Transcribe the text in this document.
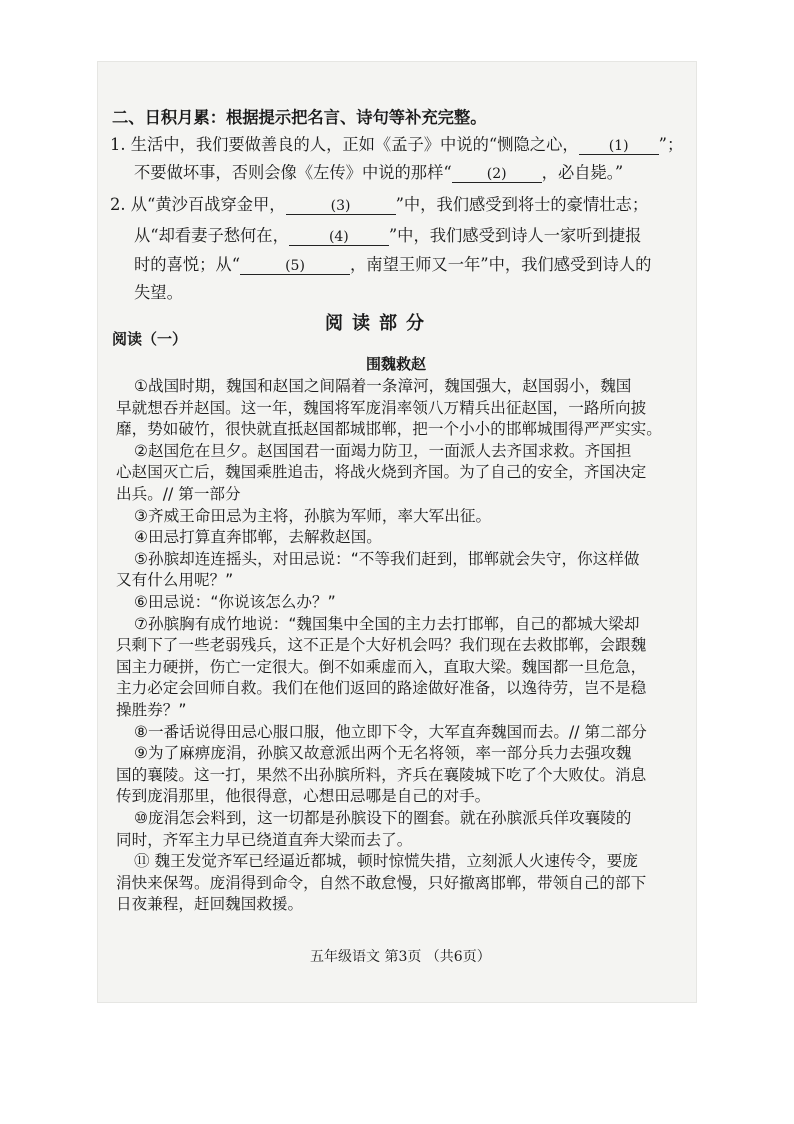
二、日积月累：根据提示把名言、诗句等补充完整。
1. 生活中，我们要做善良的人，正如《孟子》中说的“恻隐之心， (1) ”；
不要做坏事，否则会像《左传》中说的那样“	(2) ，必自毙。”
2. 从“黄沙百战穿金甲，	(3)	”中，我们感受到将士的豪情壮志；
从“却看妻子愁何在，	(4) ”中，我们感受到诗人一家听到捷报
时的喜悦；从“	(5)	，南望王师又一年”中，我们感受到诗人的
失望。
阅读部分
阅读（一）
围魏救赵
①战国时期，魏国和赵国之间隔着一条漳河，魏国强大，赵国弱小，魏国
早就想吞并赵国。这一年，魏国将军庞涓率领八万精兵出征赵国，一路所向披
靡，势如破竹，很快就直抵赵国都城邯郸，把一个小小的邯郸城围得严严实实。
②赵国危在旦夕。赵国国君一面竭力防卫，一面派人去齐国求救。齐国担
心赵国灭亡后，魏国乘胜追击，将战火烧到齐国。为了自己的安全，齐国决定
出兵。// 第一部分
③齐威王命田忌为主将，孙膑为军师，率大军出征。
④田忌打算直奔邯郸，去解救赵国。
⑤孙膑却连连摇头，对田忌说：“不等我们赶到，邯郸就会失守，你这样做
又有什么用呢？”
⑥田忌说：“你说该怎么办？”
⑦孙膑胸有成竹地说：“魏国集中全国的主力去打邯郸，自己的都城大梁却
只剩下了一些老弱残兵，这不正是个大好机会吗？我们现在去救邯郸，会跟魏
国主力硬拼，伤亡一定很大。倒不如乘虚而入，直取大梁。魏国都一旦危急，
主力必定会回师自救。我们在他们返回的路途做好准备，以逸待劳，岂不是稳
操胜券？”
⑧一番话说得田忌心服口服，他立即下令，大军直奔魏国而去。// 第二部分
⑨为了麻痹庞涓，孙膑又故意派出两个无名将领，率一部分兵力去强攻魏
国的襄陵。这一打，果然不出孙膑所料，齐兵在襄陵城下吃了个大败仗。消息
传到庞涓那里，他很得意，心想田忌哪是自己的对手。
⑩庞涓怎会料到，这一切都是孙膑设下的圈套。就在孙膑派兵佯攻襄陵的
同时，齐军主力早已绕道直奔大梁而去了。
⑪ 魏王发觉齐军已经逼近都城，顿时惊慌失措，立刻派人火速传令，要庞
涓快来保驾。庞涓得到命令，自然不敢怠慢，只好撤离邯郸，带领自己的部下
日夜兼程，赶回魏国救援。
五年级语文 第3页 （共6页）
